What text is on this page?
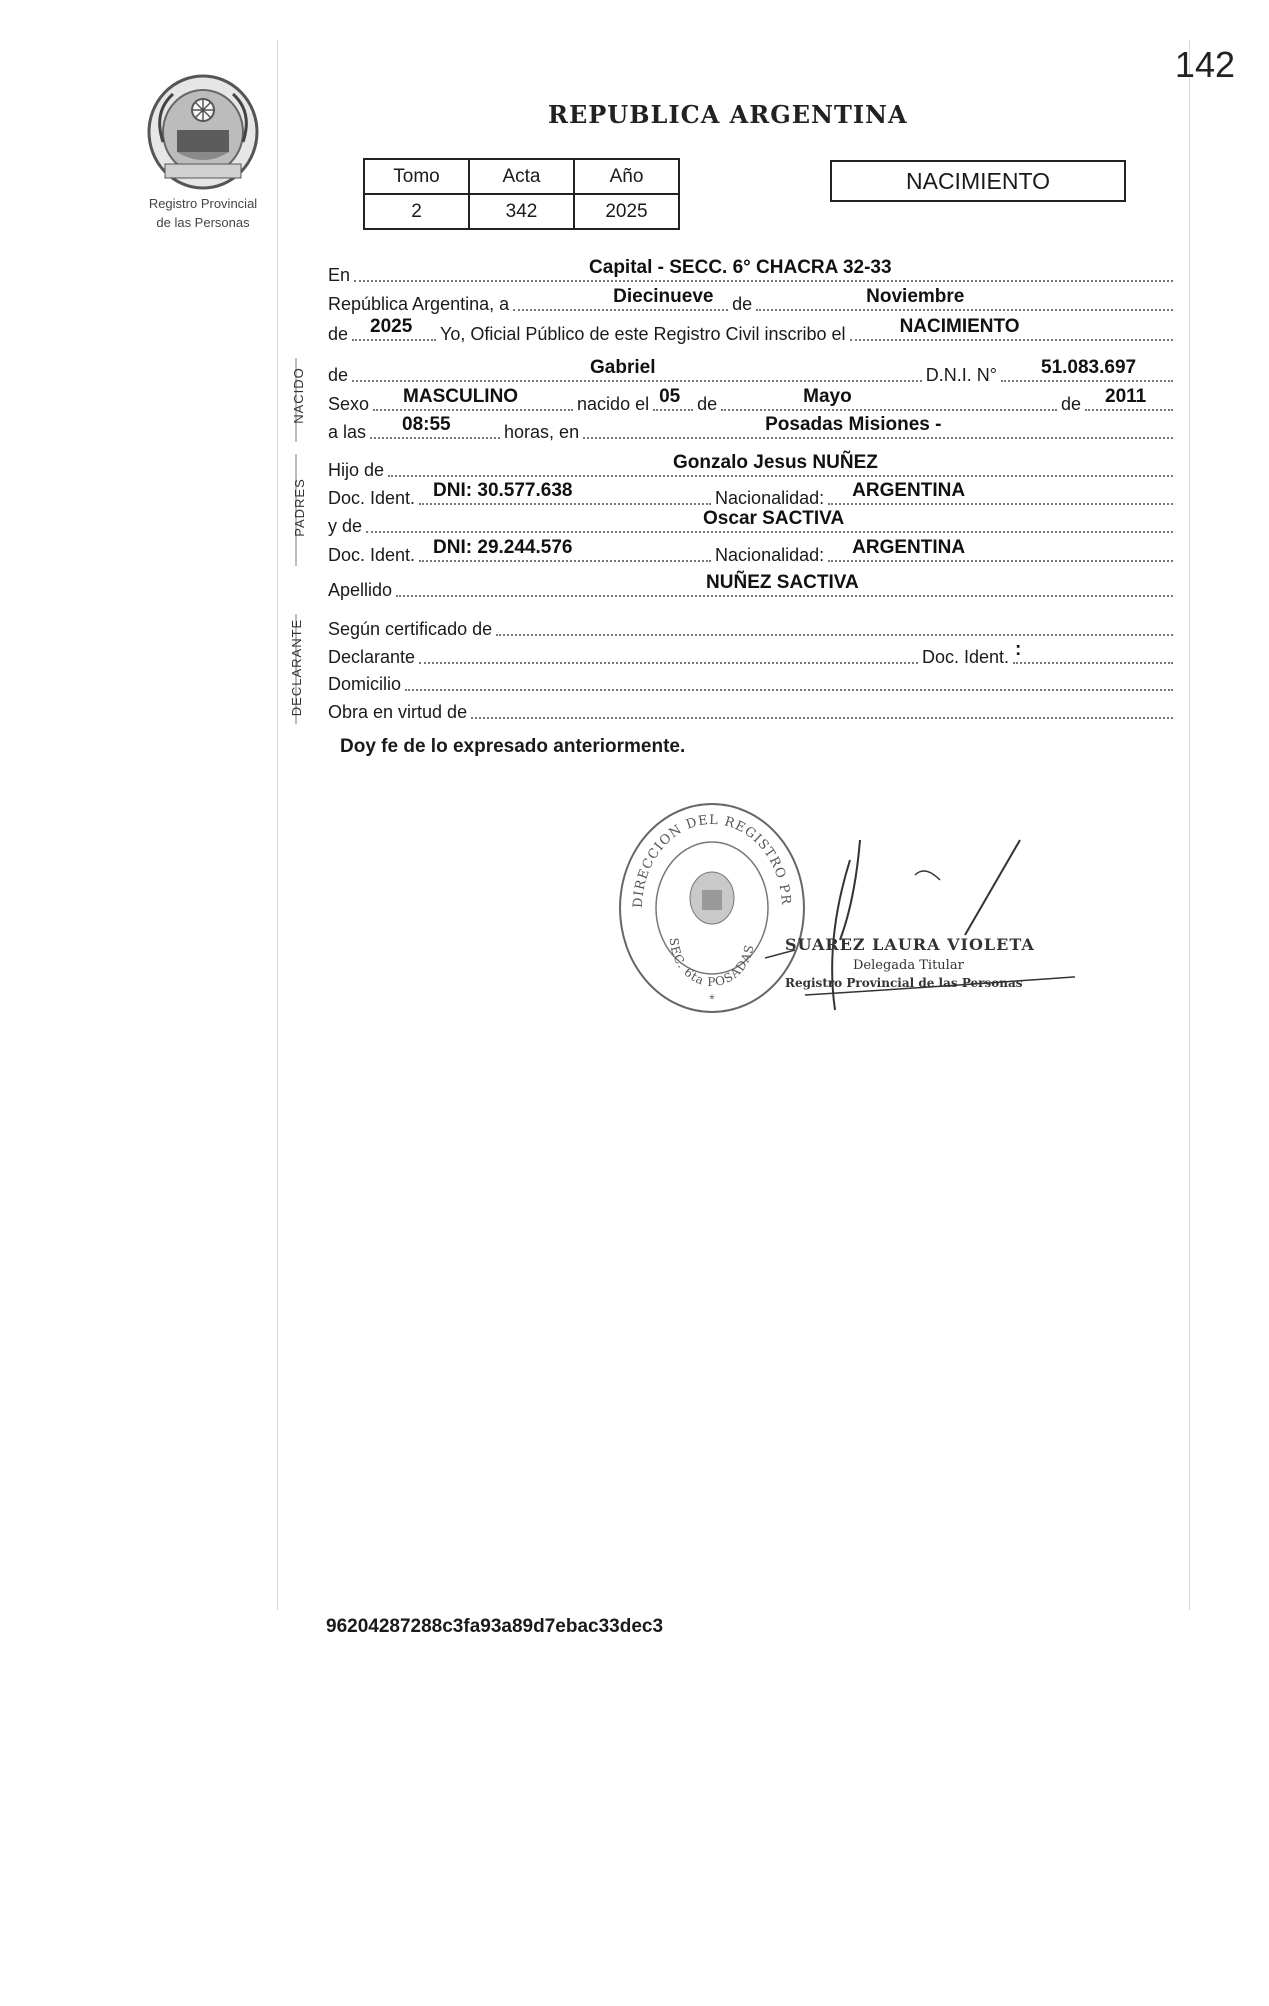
142
Registro Provincial
de las Personas
REPUBLICA ARGENTINA
Tomo	Acta	Año
2	342	2025
NACIMIENTO
En	Capital - SECC. 6° CHACRA 32-33
República Argentina, a	Diecinueve de	Noviembre
de 2025 Yo, Oficial Público de este Registro Civil inscribo el	NACIMIENTO
NACIDO de	Gabriel	D.N.I. N° 51.083.697
Sexo MASCULINO	nacido el 05 de	Mayo	de 2011
a las 08:55	horas, en	Posadas Misiones -
PADRES
Hijo de	Gonzalo Jesus NUÑEZ
Doc. Ident. DNI: 30.577.638	Nacionalidad: ARGENTINA
y de	Oscar SACTIVA
Doc. Ident. DNI: 29.244.576	Nacionalidad: ARGENTINA
Apellido	NUÑEZ SACTIVA
DECLARANTE Según certificado de
Declarante	Doc. Ident. :
Domicilio
Obra en virtud de
Doy fe de lo expresado anteriormente.
DIRECCION DEL REGISTRO PR
SEC. 6ta POSADAS
*
SUAREZ LAURA VIOLETA
Delegada Titular
Registro Provincial de las Personas
96204287288c3fa93a89d7ebac33dec3
